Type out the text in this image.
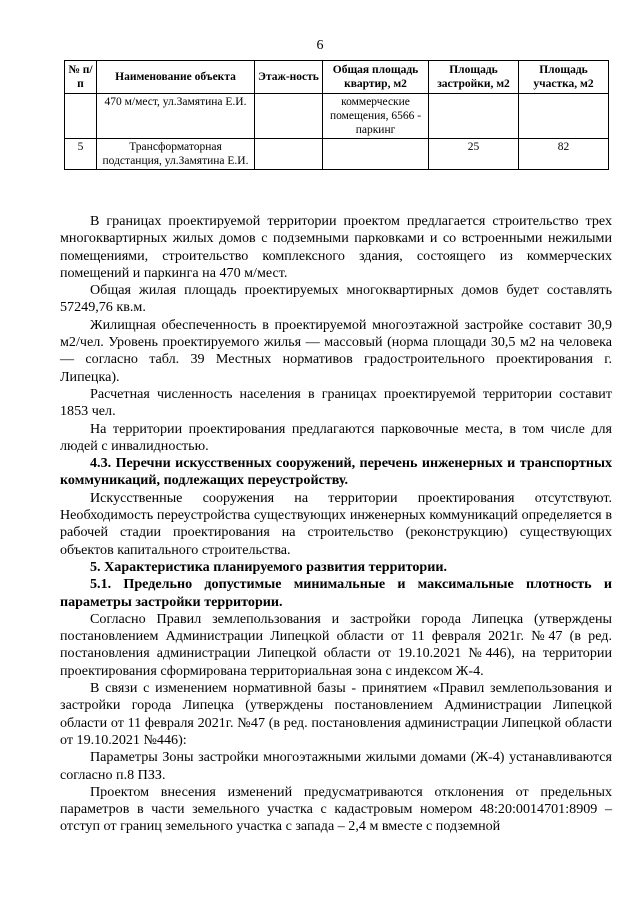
6
№ п/п	Наименование объекта	Этаж-ность	Общая площадь квартир, м2	Площадь застройки, м2	Площадь участка, м2
	470 м/мест, ул.Замятина Е.И.		коммерческие помещения, 6566 - паркинг		
5	Трансформаторная подстанция, ул.Замятина Е.И.			25	82

В границах проектируемой территории проектом предлагается строительство трех многоквартирных жилых домов с подземными парковками и со встроенными нежилыми помещениями, строительство комплексного здания, состоящего из коммерческих помещений и паркинга на 470 м/мест.

Общая жилая площадь проектируемых многоквартирных домов будет составлять 57249,76 кв.м.

Жилищная обеспеченность в проектируемой многоэтажной застройке составит 30,9 м2/чел. Уровень проектируемого жилья — массовый (норма площади 30,5 м2 на человека — согласно табл. 39 Местных нормативов градостроительного проектирования г. Липецка).

Расчетная численность населения в границах проектируемой территории составит 1853 чел.

На территории проектирования предлагаются парковочные места, в том числе для людей с инвалидностью.

4.3. Перечни искусственных сооружений, перечень инженерных и транспортных коммуникаций, подлежащих переустройству.

Искусственные сооружения на территории проектирования отсутствуют. Необходимость переустройства существующих инженерных коммуникаций определяется в рабочей стадии проектирования на строительство (реконструкцию) существующих объектов капитального строительства.

5. Характеристика планируемого развития территории.

5.1. Предельно допустимые минимальные и максимальные плотность и параметры застройки территории.

Согласно Правил землепользования и застройки города Липецка (утверждены постановлением Администрации Липецкой области от 11 февраля 2021г. №47 (в ред. постановления администрации Липецкой области от 19.10.2021 №446), на территории проектирования сформирована территориальная зона с индексом Ж-4.

В связи с изменением нормативной базы - принятием «Правил землепользования и застройки города Липецка (утверждены постановлением Администрации Липецкой области от 11 февраля 2021г. №47 (в ред. постановления администрации Липецкой области от 19.10.2021 №446):

Параметры Зоны застройки многоэтажными жилыми домами (Ж-4) устанавливаются согласно п.8 ПЗЗ.

Проектом внесения изменений предусматриваются отклонения от предельных параметров в части земельного участка с кадастровым номером 48:20:0014701:8909 – отступ от границ земельного участка с запада – 2,4 м вместе с подземной
